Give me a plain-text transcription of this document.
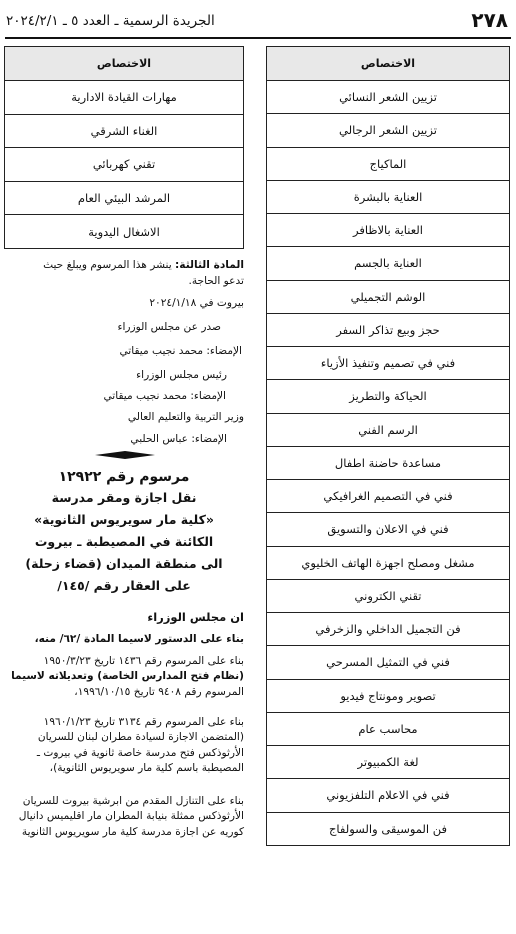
٢٧٨
الجريدة الرسمية ـ العدد ٥ ـ ٢٠٢٤/٢/١
الاختصاص
تزيين الشعر النسائي
تزيين الشعر الرجالي
الماكياج
العناية بالبشرة
العناية بالاظافر
العناية بالجسم
الوشم التجميلي
حجز وبيع تذاكر السفر
فني في تصميم وتنفيذ الأزياء
الحياكة والتطريز
الرسم الفني
مساعدة حاضنة اطفال
فني في التصميم الغرافيكي
فني في الاعلان والتسويق
مشغل ومصلح اجهزة الهاتف الخليوي
تقني الكتروني
فن التجميل الداخلي والزخرفي
فني في التمثيل المسرحي
تصوير ومونتاج فيديو
محاسب عام
لغة الكمبيوتر
فني في الاعلام التلفزيوني
فن الموسيقى والسولفاج
الاختصاص
مهارات القيادة الادارية
الغناء الشرقي
تقني كهربائي
المرشد البيئي العام
الاشغال اليدوية
المادة الثالثة: ينشر هذا المرسوم ويبلغ حيث
تدعو الحاجة.
بيروت في ٢٠٢٤/١/١٨
صدر عن مجلس الوزراء
الإمضاء: محمد نجيب ميقاتي
رئيس مجلس الوزراء
الإمضاء: محمد نجيب ميقاتي
وزير التربية والتعليم العالي
الإمضاء: عباس الحلبي
مرسوم رقم ١٢٩٢٢
نقل اجازة ومقر مدرسة
«كلية مار سويريوس الثانوية»
الكائنة في المصيطبة ـ بيروت
الى منطقة الميدان (قضاء زحلة)
على العقار رقم /١٤٥/
ان مجلس الوزراء
بناء على الدستور لاسيما المادة /٦٢/ منه،
بناء على المرسوم رقم ١٤٣٦ تاريخ ١٩٥٠/٣/٢٣
(نظام فتح المدارس الخاصة) وتعديلاته لاسيما
المرسوم رقم ٩٤٠٨ تاريخ ١٩٩٦/١٠/١٥،
بناء على المرسوم رقم ٣١٣٤ تاريخ ١٩٦٠/١/٢٣
(المتضمن الاجازة لسيادة مطران لبنان للسريان
الأرثوذكس فتح مدرسة خاصة ثانوية في بيروت ـ
المصيطبة باسم كلية مار سويريوس الثانوية)،
بناء على التنازل المقدم من ابرشية بيروت للسريان
الأرثوذكس ممثلة بنيابة المطران مار اقليميس دانيال
كوريه عن اجازة مدرسة كلية مار سويريوس الثانوية
